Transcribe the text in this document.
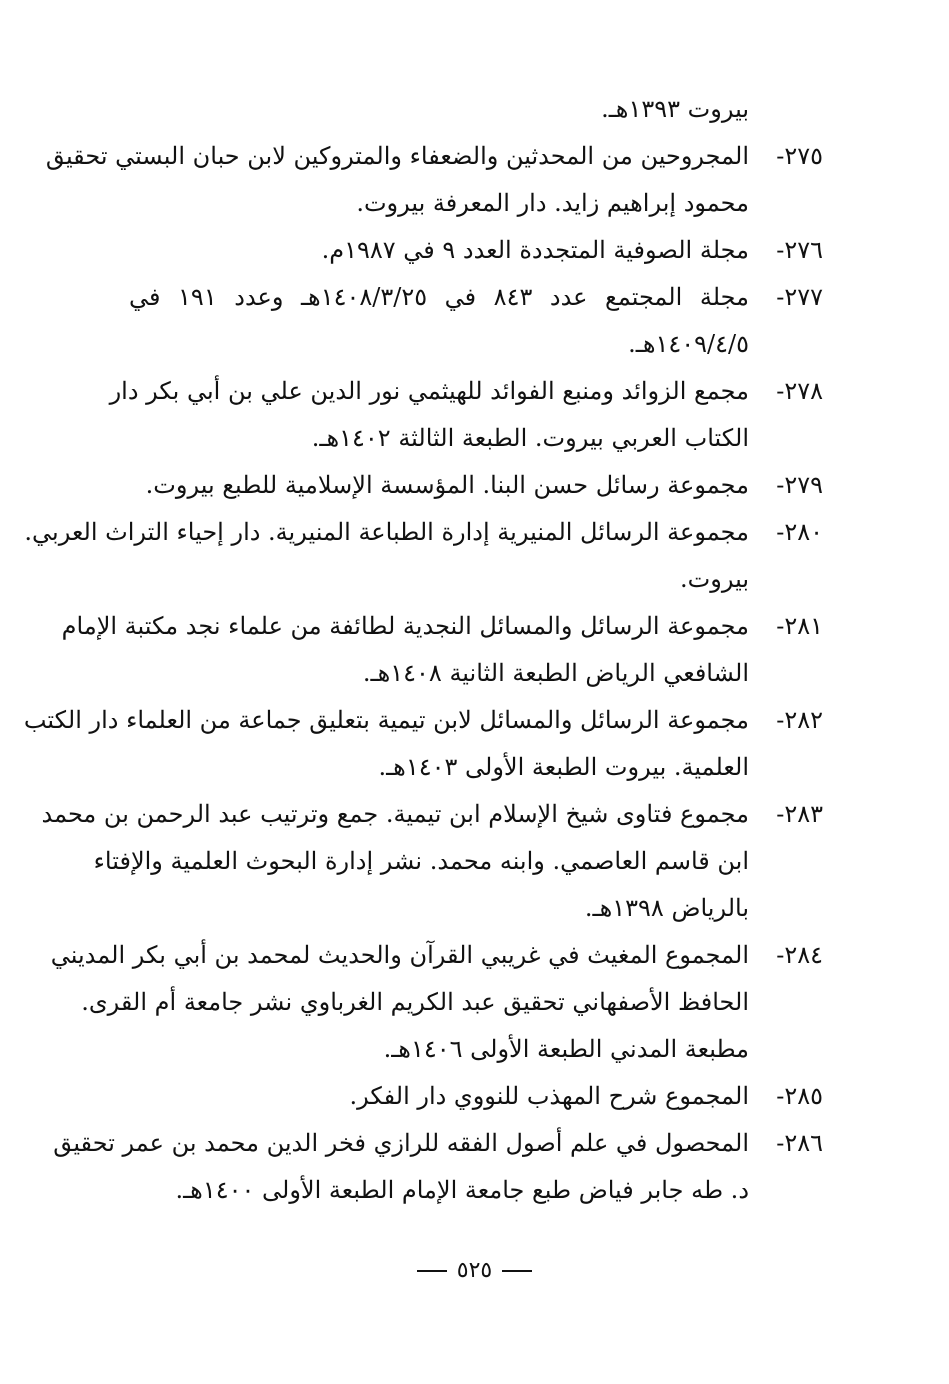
بيروت ١٣٩٣هـ.
٢٧٥-
المجروحين من المحدثين والضعفاء والمتروكين لابن حبان البستي تحقيق
محمود إبراهيم زايد. دار المعرفة بيروت.
٢٧٦-
مجلة الصوفية المتجددة العدد ٩ في ١٩٨٧م.
٢٧٧-
مجلة المجتمع عدد ٨٤٣ في ١٤٠٨/٣/٢٥هـ وعدد ١٩١ في
١٤٠٩/٤/٥هـ.
٢٧٨-
مجمع الزوائد ومنبع الفوائد للهيثمي نور الدين علي بن أبي بكر دار
الكتاب العربي بيروت. الطبعة الثالثة ١٤٠٢هـ.
٢٧٩-
مجموعة رسائل حسن البنا. المؤسسة الإسلامية للطبع بيروت.
٢٨٠-
مجموعة الرسائل المنيرية إدارة الطباعة المنيرية. دار إحياء التراث العربي.
بيروت.
٢٨١-
مجموعة الرسائل والمسائل النجدية لطائفة من علماء نجد مكتبة الإمام
الشافعي الرياض الطبعة الثانية ١٤٠٨هـ.
٢٨٢-
مجموعة الرسائل والمسائل لابن تيمية بتعليق جماعة من العلماء دار الكتب
العلمية. بيروت الطبعة الأولى ١٤٠٣هـ.
٢٨٣-
مجموع فتاوى شيخ الإسلام ابن تيمية. جمع وترتيب عبد الرحمن بن محمد
ابن قاسم العاصمي. وابنه محمد. نشر إدارة البحوث العلمية والإفتاء
بالرياض ١٣٩٨هـ.
٢٨٤-
المجموع المغيث في غريبي القرآن والحديث لمحمد بن أبي بكر المديني
الحافظ الأصفهاني تحقيق عبد الكريم الغرباوي نشر جامعة أم القرى.
مطبعة المدني الطبعة الأولى ١٤٠٦هـ.
٢٨٥-
المجموع شرح المهذب للنووي دار الفكر.
٢٨٦-
المحصول في علم أصول الفقه للرازي فخر الدين محمد بن عمر تحقيق
د. طه جابر فياض طبع جامعة الإمام الطبعة الأولى ١٤٠٠هـ.
٥٢٥
